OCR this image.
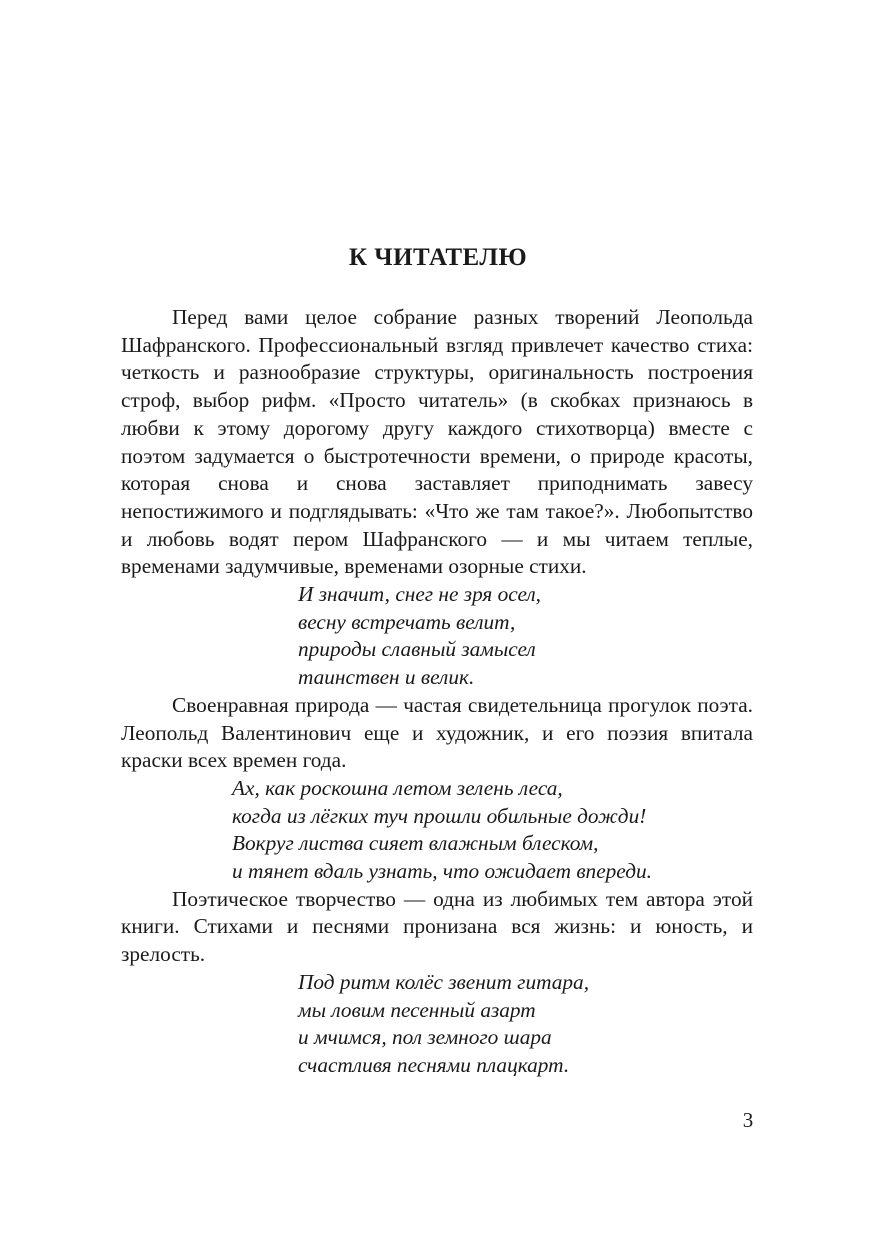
К ЧИТАТЕЛЮ

Перед вами целое собрание разных творений Леопольда Шафранского. Профессиональный взгляд привлечет качество стиха: четкость и разнообразие структуры, оригинальность построения строф, выбор рифм. «Просто читатель» (в скобках признаюсь в любви к этому дорогому другу каждого стихотворца) вместе с поэтом задумается о быстротечности времени, о природе красоты, которая снова и снова заставляет приподнимать завесу непостижимого и подглядывать: «Что же там такое?». Любопытство и любовь водят пером Шафранского — и мы читаем теплые, временами задумчивые, временами озорные стихи.

И значит, снег не зря осел,
весну встречать велит,
природы славный замысел
таинствен и велик.

Своенравная природа — частая свидетельница прогулок поэта. Леопольд Валентинович еще и художник, и его поэзия впитала краски всех времен года.

Ах, как роскошна летом зелень леса,
когда из лёгких туч прошли обильные дожди!
Вокруг листва сияет влажным блеском,
и тянет вдаль узнать, что ожидает впереди.

Поэтическое творчество — одна из любимых тем автора этой книги. Стихами и песнями пронизана вся жизнь: и юность, и зрелость.

Под ритм колёс звенит гитара,
мы ловим песенный азарт
и мчимся, пол земного шара
счастливя песнями плацкарт.
3
